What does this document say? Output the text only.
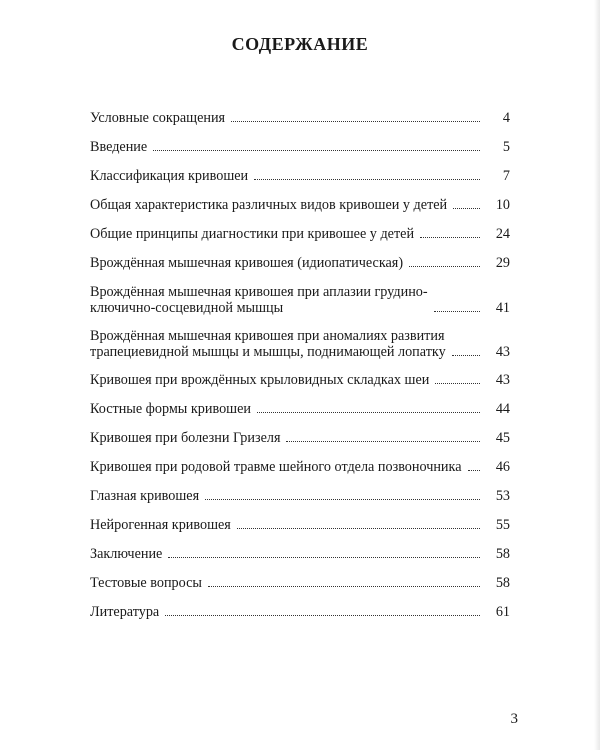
СОДЕРЖАНИЕ
Условные сокращения	4
Введение	5
Классификация кривошеи	7
Общая характеристика различных видов кривошеи у детей	10
Общие принципы диагностики при кривошее у детей	24
Врождённая мышечная кривошея (идиопатическая)	29
Врождённая мышечная кривошея при аплазии грудино-
ключично-сосцевидной мышцы	41
Врождённая мышечная кривошея при аномалиях развития
трапециевидной мышцы и мышцы, поднимающей лопатку	43
Кривошея при врождённых крыловидных складках шеи	43
Костные формы кривошеи	44
Кривошея при болезни Гризеля	45
Кривошея при родовой травме шейного отдела позвоночника	46
Глазная кривошея	53
Нейрогенная кривошея	55
Заключение	58
Тестовые вопросы	58
Литература	61
3
